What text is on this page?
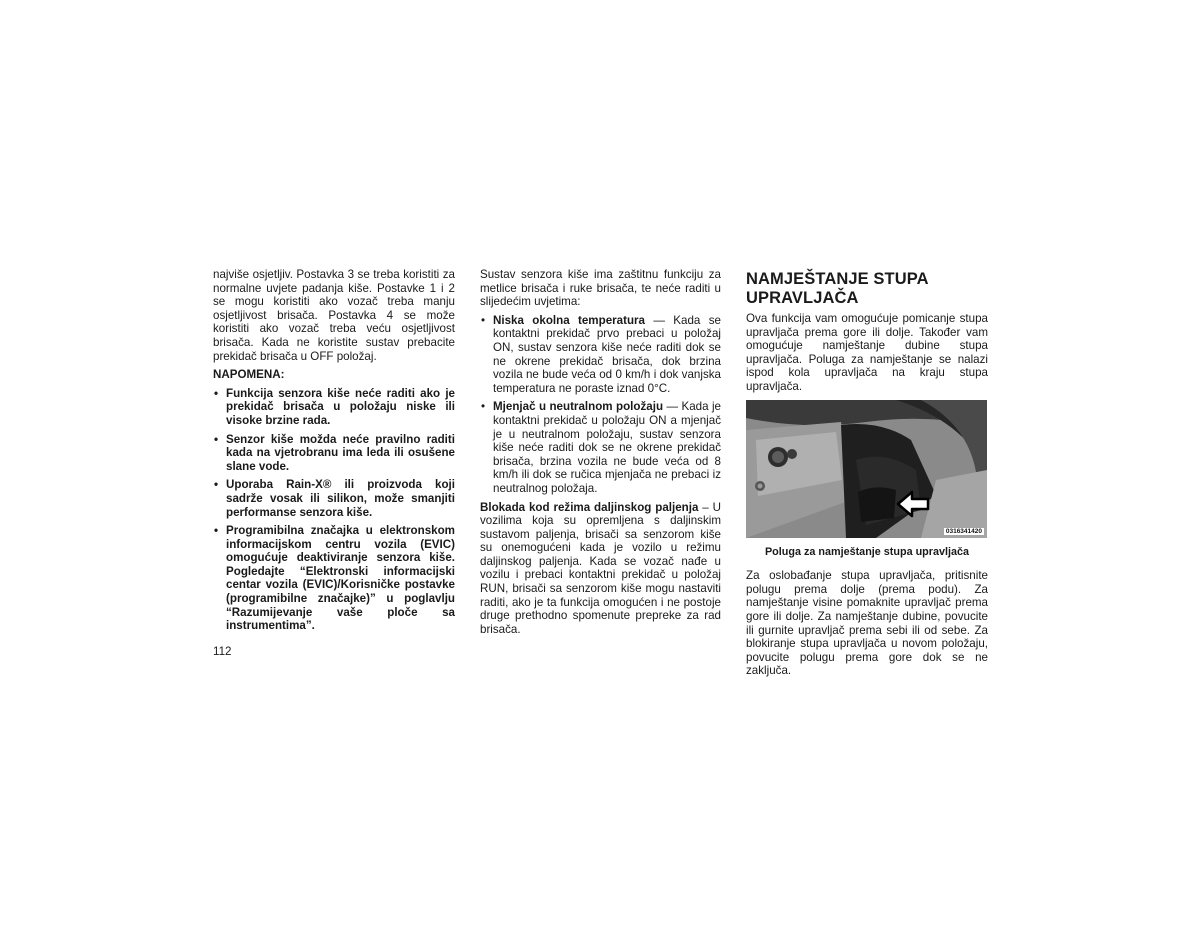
najviše osjetljiv. Postavka 3 se treba koristiti za normalne uvjete padanja kiše. Postavke 1 i 2 se mogu koristiti ako vozač treba manju osjetljivost brisača. Postavka 4 se može koristiti ako vozač treba veću osjetljivost brisača. Kada ne koristite sustav prebacite prekidač brisača u OFF položaj.

NAPOMENA:

• Funkcija senzora kiše neće raditi ako je prekidač brisača u položaju niske ili visoke brzine rada.
• Senzor kiše možda neće pravilno raditi kada na vjetrobranu ima leda ili osušene slane vode.
• Uporaba Rain-X® ili proizvoda koji sadrže vosak ili silikon, može smanjiti performanse senzora kiše.
• Programibilna značajka u elektronskom informacijskom centru vozila (EVIC) omogućuje deaktiviranje senzora kiše. Pogledajte “Elektronski informacijski centar vozila (EVIC)/Korisničke postavke (programibilne značajke)” u poglavlju “Razumijevanje vaše ploče sa instrumentima”.

Sustav senzora kiše ima zaštitnu funkciju za metlice brisača i ruke brisača, te neće raditi u slijedećim uvjetima:

• Niska okolna temperatura — Kada se kontaktni prekidač prvo prebaci u položaj ON, sustav senzora kiše neće raditi dok se ne okrene prekidač brisača, dok brzina vozila ne bude veća od 0 km/h i dok vanjska temperatura ne poraste iznad 0°C.
• Mjenjač u neutralnom položaju — Kada je kontaktni prekidač u položaju ON a mjenjač je u neutralnom položaju, sustav senzora kiše neće raditi dok se ne okrene prekidač brisača, brzina vozila ne bude veća od 8 km/h ili dok se ručica mjenjača ne prebaci iz neutralnog položaja.

Blokada kod režima daljinskog paljenja – U vozilima koja su opremljena s daljinskim sustavom paljenja, brisači sa senzorom kiše su onemogućeni kada je vozilo u režimu daljinskog paljenja. Kada se vozač nađe u vozilu i prebaci kontaktni prekidač u položaj RUN, brisači sa senzorom kiše mogu nastaviti raditi, ako je ta funkcija omogućen i ne postoje druge prethodno spomenute prepreke za rad brisača.

NAMJEŠTANJE STUPA UPRAVLJAČA

Ova funkcija vam omogućuje pomicanje stupa upravljača prema gore ili dolje. Također vam omogućuje namještanje dubine stupa upravljača. Poluga za namještanje se nalazi ispod kola upravljača na kraju stupa upravljača.

0316341420

Poluga za namještanje stupa upravljača

Za oslobađanje stupa upravljača, pritisnite polugu prema dolje (prema podu). Za namještanje visine pomaknite upravljač prema gore ili dolje. Za namještanje dubine, povucite ili gurnite upravljač prema sebi ili od sebe. Za blokiranje stupa upravljača u novom položaju, povucite polugu prema gore dok se ne zaključa.

112
